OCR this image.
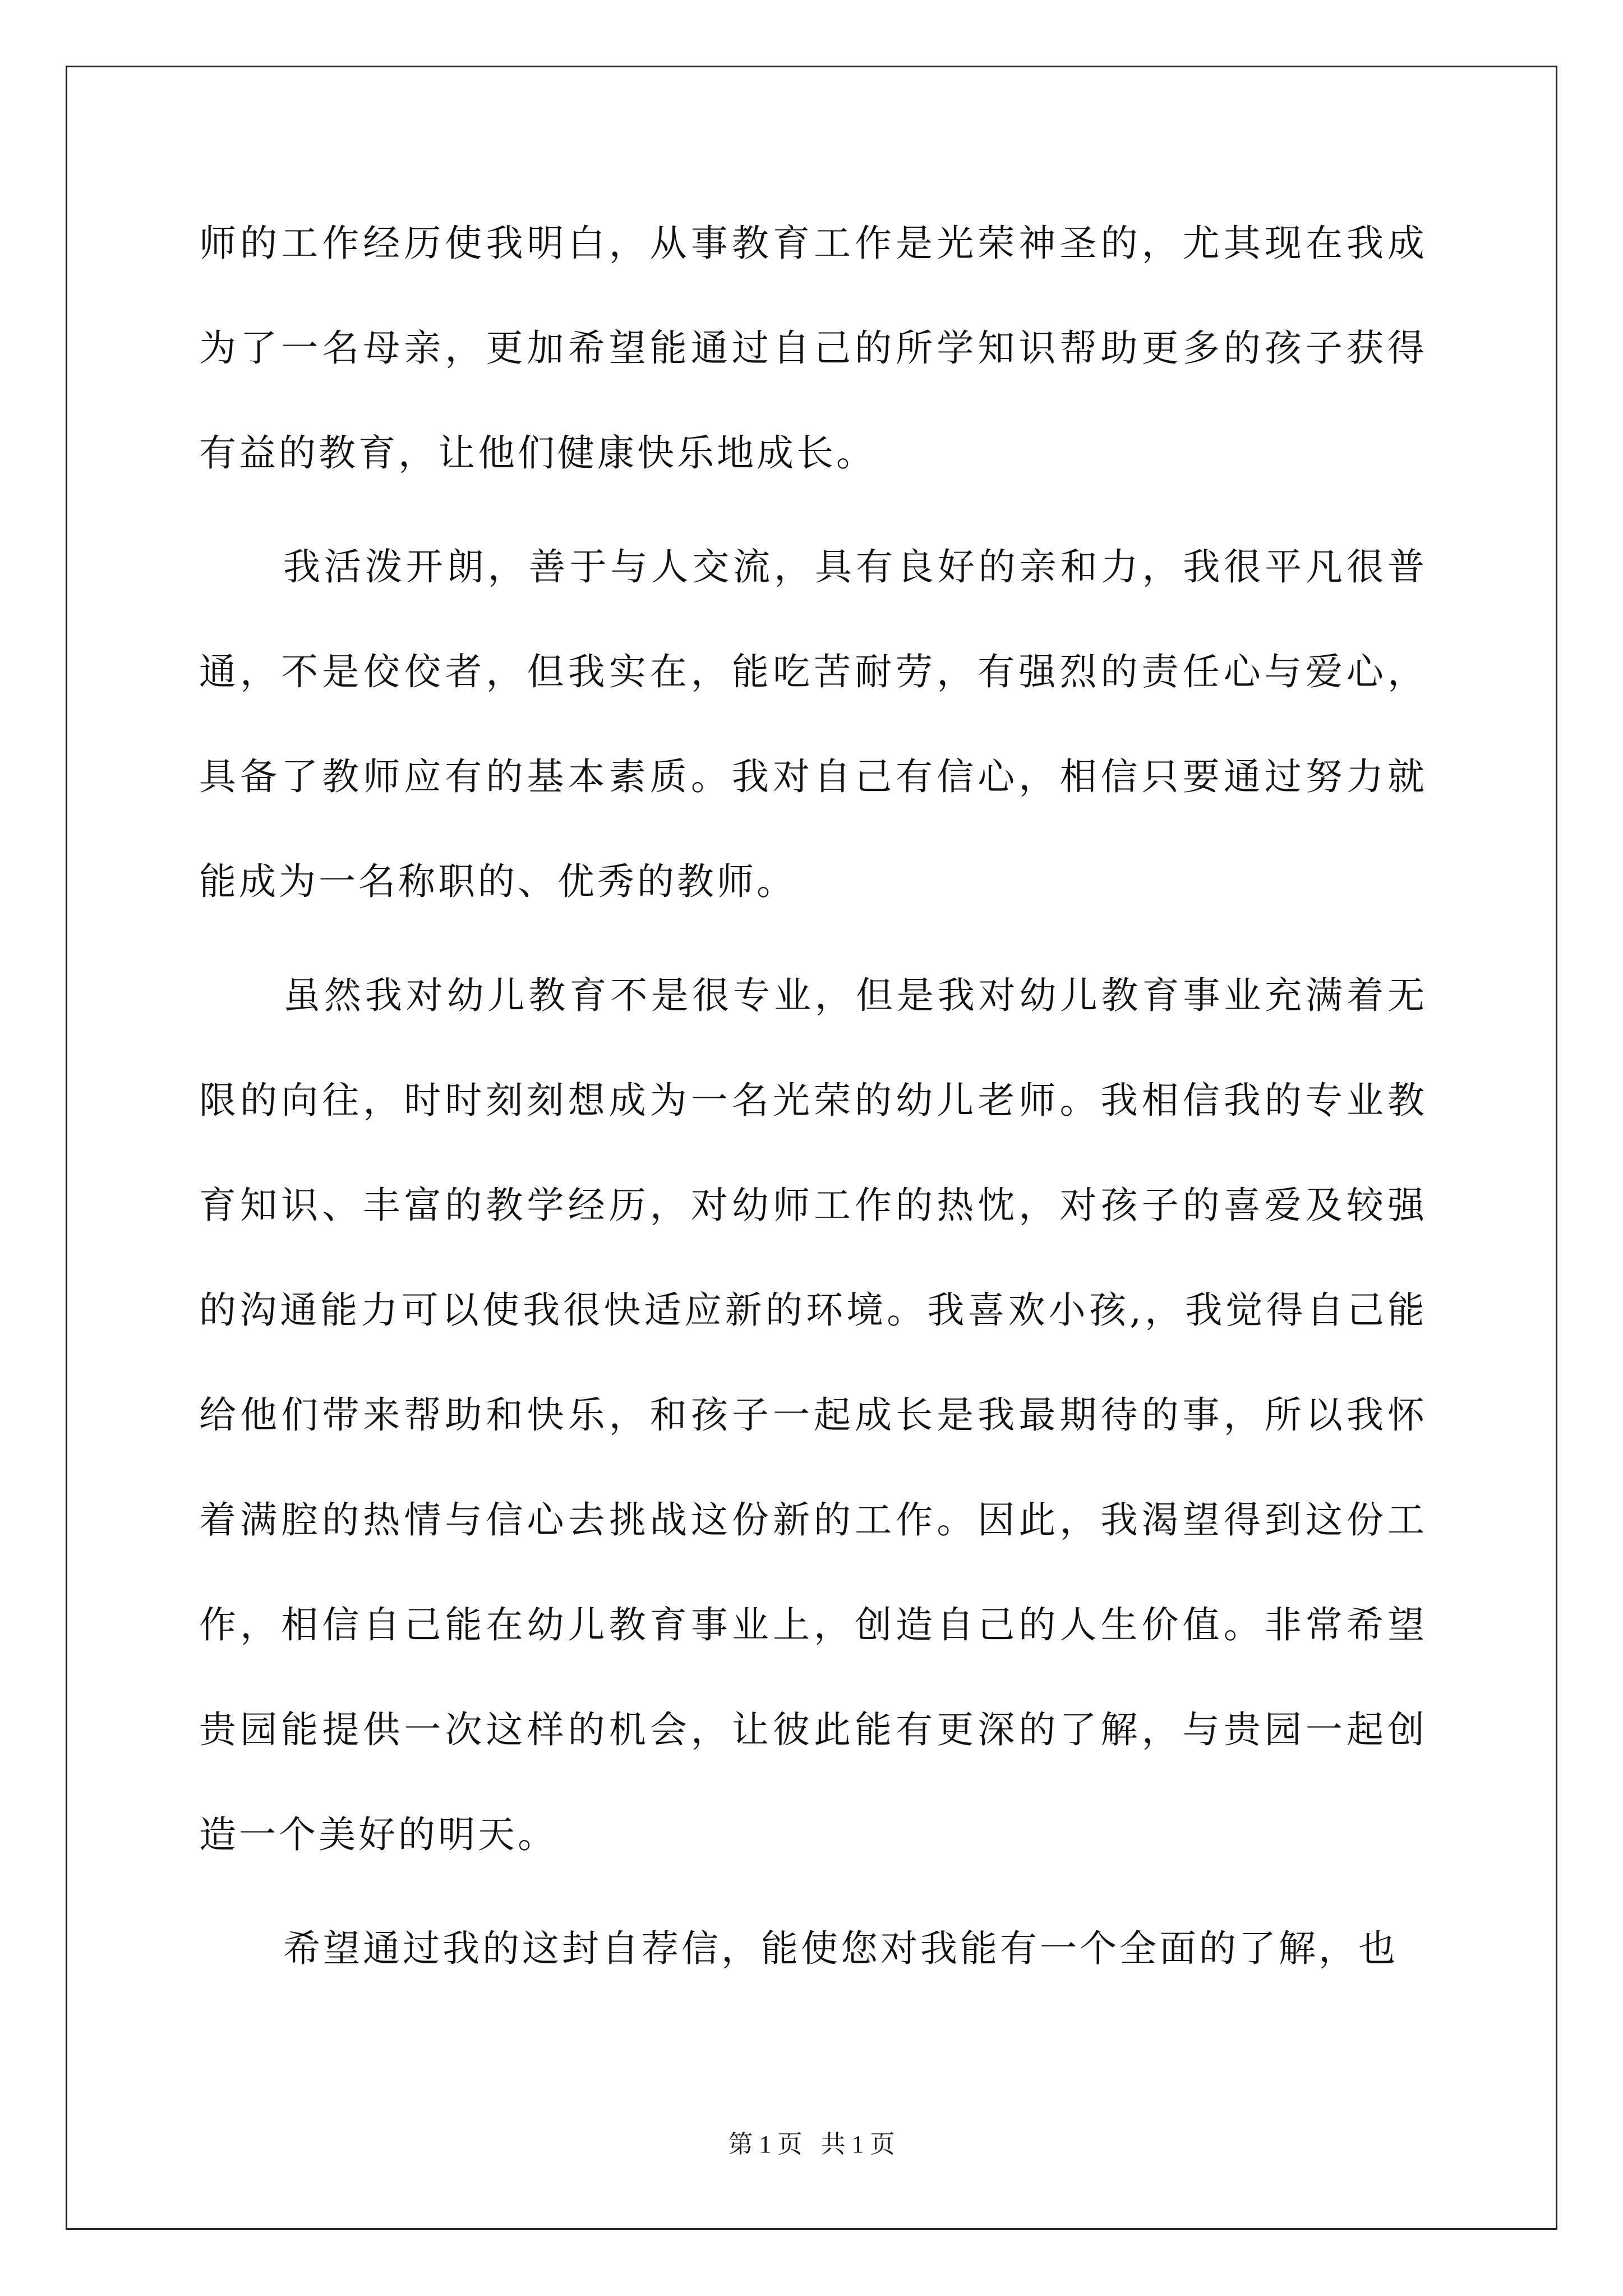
师的工作经历使我明白，从事教育工作是光荣神圣的，尤其现在我成为了一名母亲，更加希望能通过自己的所学知识帮助更多的孩子获得有益的教育，让他们健康快乐地成长。

我活泼开朗，善于与人交流，具有良好的亲和力，我很平凡很普通，不是佼佼者，但我实在，能吃苦耐劳，有强烈的责任心与爱心，具备了教师应有的基本素质。我对自己有信心，相信只要通过努力就能成为一名称职的、优秀的教师。

虽然我对幼儿教育不是很专业，但是我对幼儿教育事业充满着无限的向往，时时刻刻想成为一名光荣的幼儿老师。我相信我的专业教育知识、丰富的教学经历，对幼师工作的热忱，对孩子的喜爱及较强的沟通能力可以使我很快适应新的环境。我喜欢小孩,，我觉得自己能给他们带来帮助和快乐，和孩子一起成长是我最期待的事，所以我怀着满腔的热情与信心去挑战这份新的工作。因此，我渴望得到这份工作，相信自己能在幼儿教育事业上，创造自己的人生价值。非常希望贵园能提供一次这样的机会，让彼此能有更深的了解，与贵园一起创造一个美好的明天。

希望通过我的这封自荐信，能使您对我能有一个全面的了解，也

第 1 页   共 1 页
